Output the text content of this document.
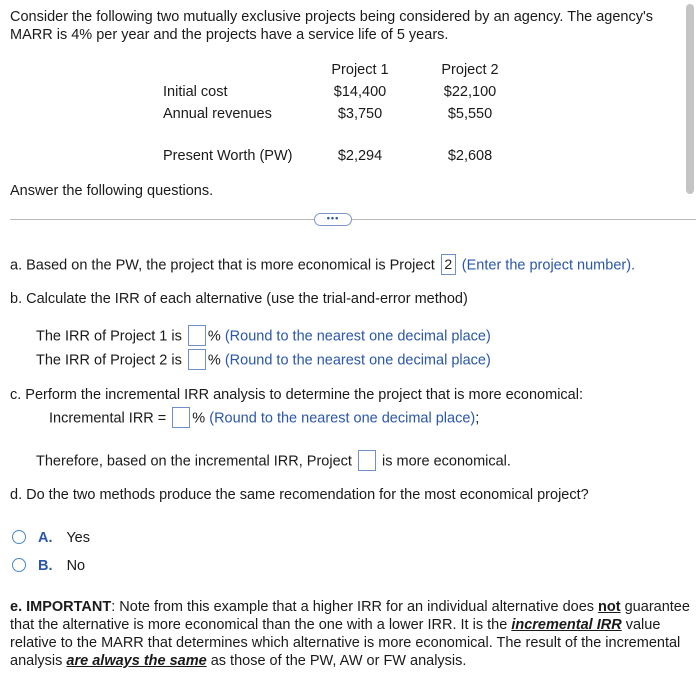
Consider the following two mutually exclusive projects being considered by an agency. The agency's
MARR is 4% per year and the projects have a service life of 5 years.
Project 1	Project 2
Initial cost	$14,400	$22,100
Annual revenues	$3,750	$5,550
Present Worth (PW)	$2,294	$2,608
Answer the following questions.
•••
a. Based on the PW, the project that is more economical is Project 2 (Enter the project number).
b. Calculate the IRR of each alternative (use the trial-and-error method)
The IRR of Project 1 is % (Round to the nearest one decimal place)
The IRR of Project 2 is % (Round to the nearest one decimal place)
c. Perform the incremental IRR analysis to determine the project that is more economical:
Incremental IRR = % (Round to the nearest one decimal place);
Therefore, based on the incremental IRR, Project is more economical.
d. Do the two methods produce the same recomendation for the most economical project?
A. Yes
B. No
e. IMPORTANT: Note from this example that a higher IRR for an individual alternative does not guarantee that the alternative is more economical than the one with a lower IRR. It is the incremental IRR value relative to the MARR that determines which alternative is more economical. The result of the incremental analysis are always the same as those of the PW, AW or FW analysis.
